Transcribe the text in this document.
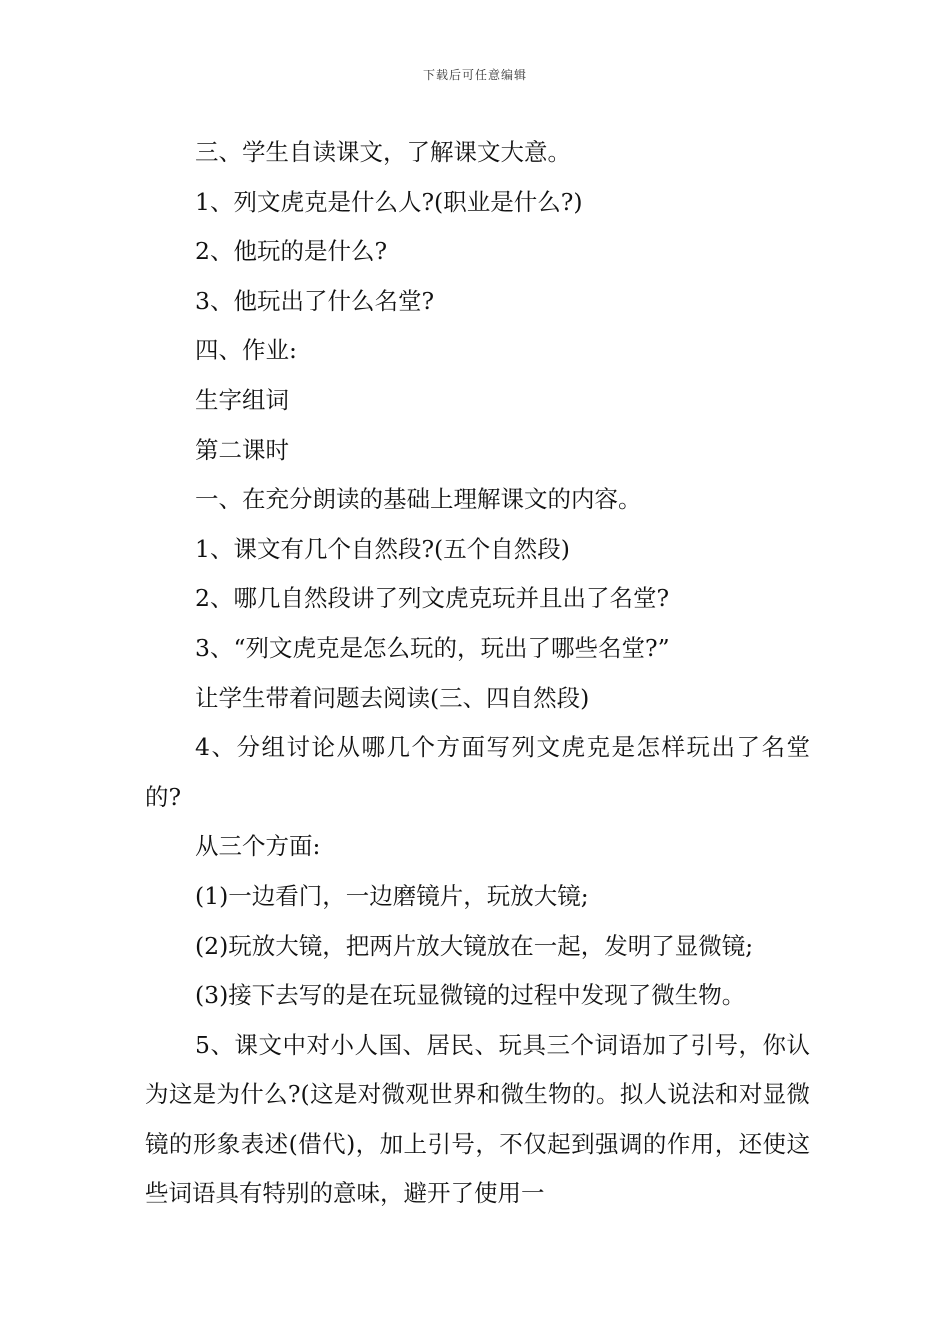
下载后可任意编辑

三、学生自读课文，了解课文大意。

1、列文虎克是什么人?(职业是什么?)

2、他玩的是什么?

3、他玩出了什么名堂?

四、作业:

生字组词

第二课时

一、在充分朗读的基础上理解课文的内容。

1、课文有几个自然段?(五个自然段)

2、哪几自然段讲了列文虎克玩并且出了名堂?

3、“列文虎克是怎么玩的，玩出了哪些名堂?”

让学生带着问题去阅读(三、四自然段)

4、分组讨论从哪几个方面写列文虎克是怎样玩出了名堂的?

从三个方面:

(1)一边看门，一边磨镜片，玩放大镜;

(2)玩放大镜，把两片放大镜放在一起，发明了显微镜;

(3)接下去写的是在玩显微镜的过程中发现了微生物。

5、课文中对小人国、居民、玩具三个词语加了引号，你认为这是为什么?(这是对微观世界和微生物的。拟人说法和对显微镜的形象表述(借代)，加上引号，不仅起到强调的作用，还使这些词语具有特别的意味，避开了使用一
